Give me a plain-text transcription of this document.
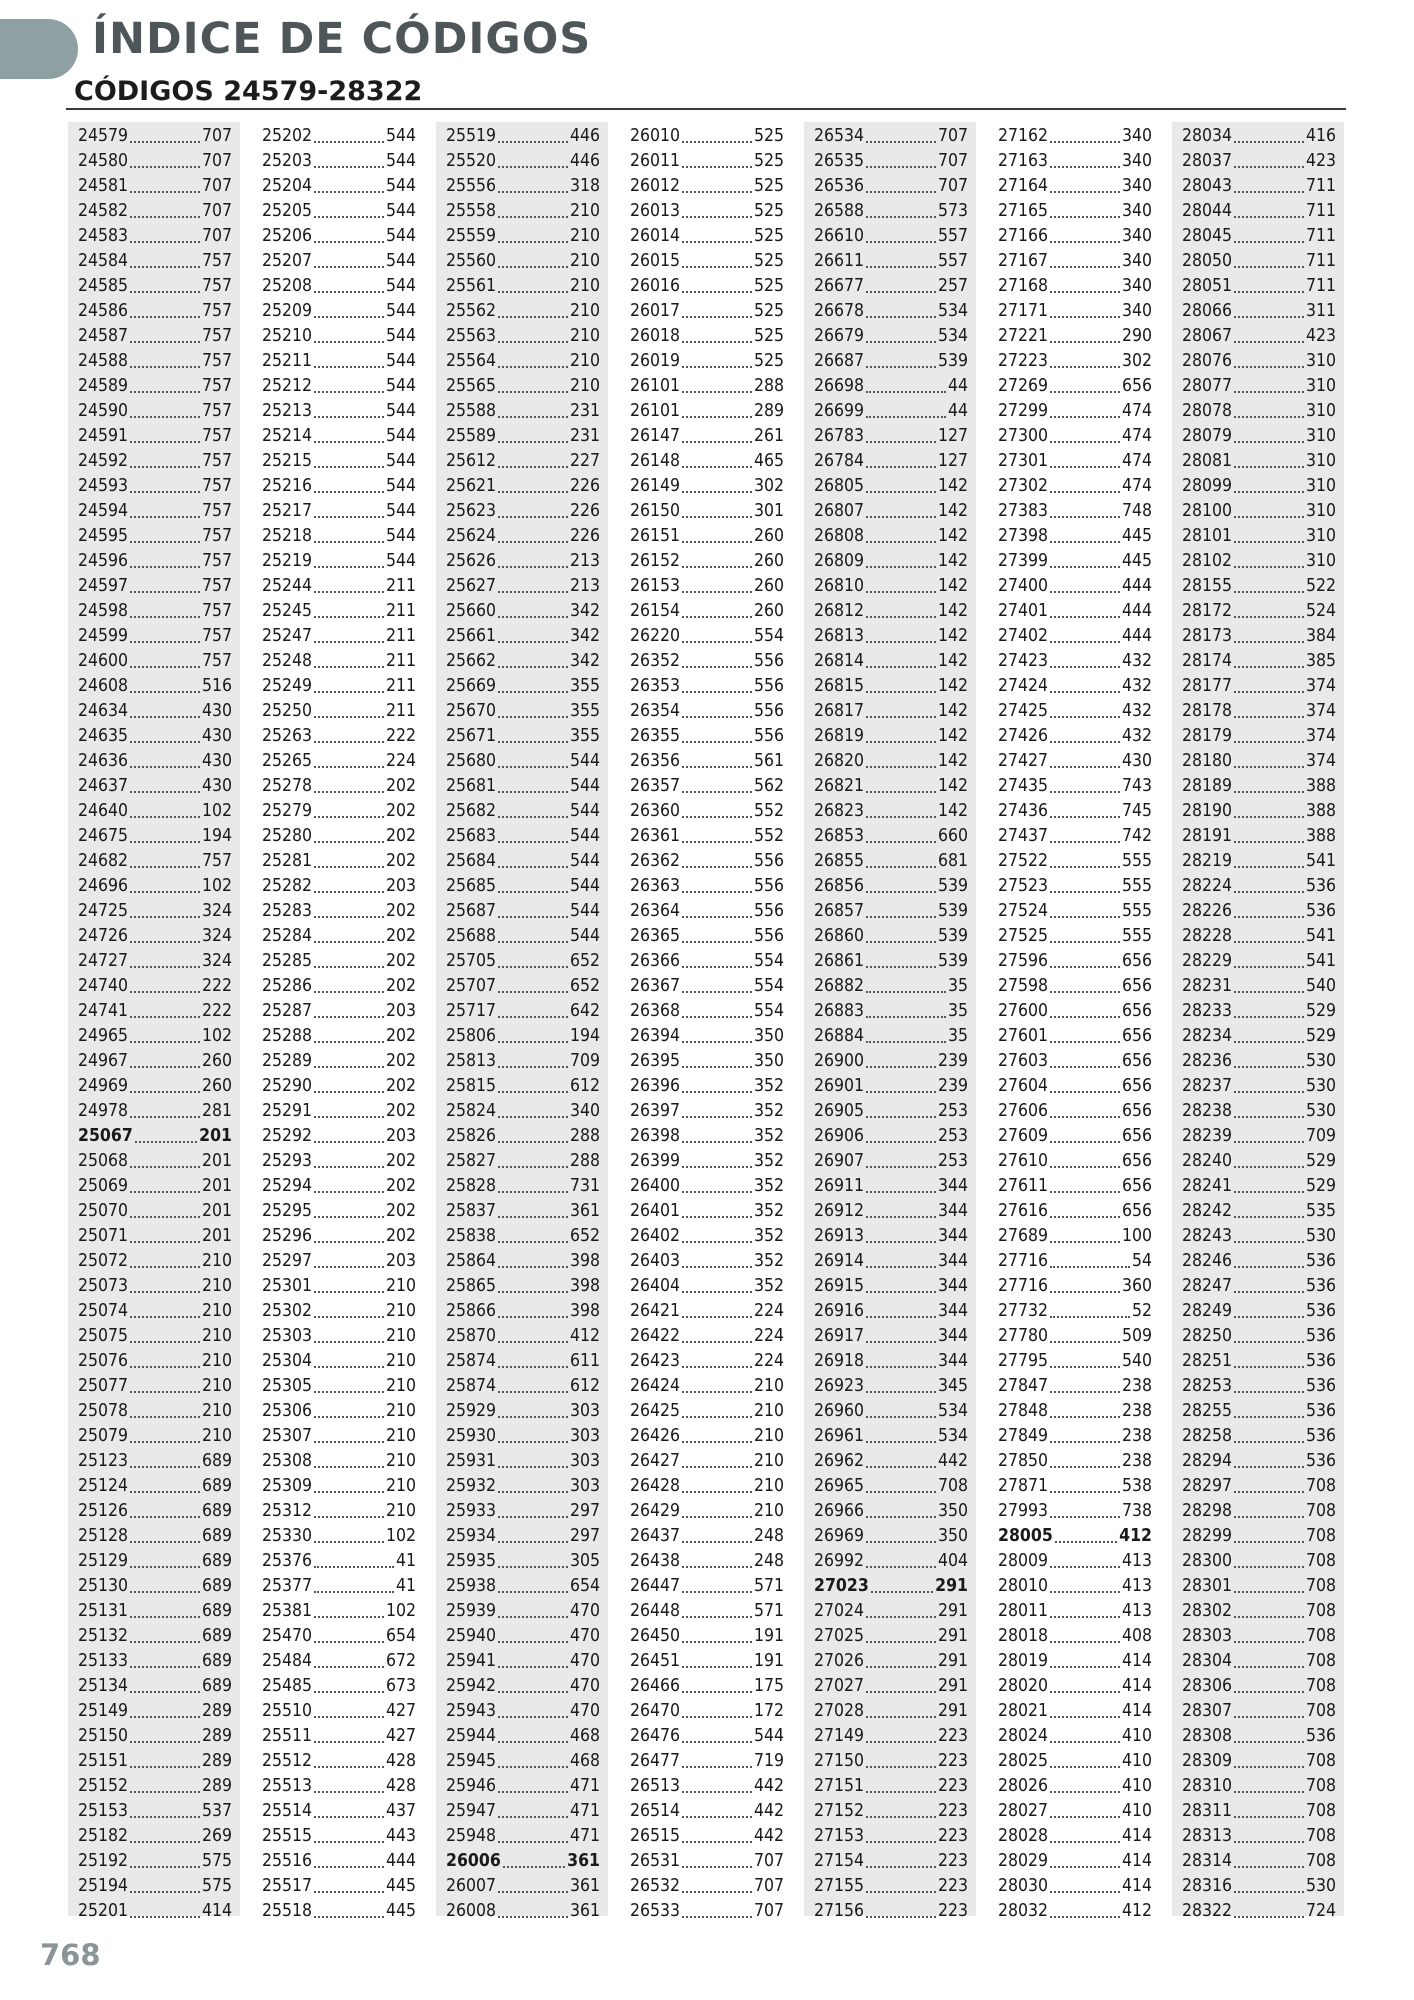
ÍNDICE DE CÓDIGOS
CÓDIGOS 24579-28322
24579	707
24580	707
24581	707
24582	707
24583	707
24584	757
24585	757
24586	757
24587	757
24588	757
24589	757
24590	757
24591	757
24592	757
24593	757
24594	757
24595	757
24596	757
24597	757
24598	757
24599	757
24600	757
24608	516
24634	430
24635	430
24636	430
24637	430
24640	102
24675	194
24682	757
24696	102
24725	324
24726	324
24727	324
24740	222
24741	222
24965	102
24967	260
24969	260
24978	281
25067	201
25068	201
25069	201
25070	201
25071	201
25072	210
25073	210
25074	210
25075	210
25076	210
25077	210
25078	210
25079	210
25123	689
25124	689
25126	689
25128	689
25129	689
25130	689
25131	689
25132	689
25133	689
25134	689
25149	289
25150	289
25151	289
25152	289
25153	537
25182	269
25192	575
25194	575
25201	414
25202	544
25203	544
25204	544
25205	544
25206	544
25207	544
25208	544
25209	544
25210	544
25211	544
25212	544
25213	544
25214	544
25215	544
25216	544
25217	544
25218	544
25219	544
25244	211
25245	211
25247	211
25248	211
25249	211
25250	211
25263	222
25265	224
25278	202
25279	202
25280	202
25281	202
25282	203
25283	202
25284	202
25285	202
25286	202
25287	203
25288	202
25289	202
25290	202
25291	202
25292	203
25293	202
25294	202
25295	202
25296	202
25297	203
25301	210
25302	210
25303	210
25304	210
25305	210
25306	210
25307	210
25308	210
25309	210
25312	210
25330	102
25376	41
25377	41
25381	102
25470	654
25484	672
25485	673
25510	427
25511	427
25512	428
25513	428
25514	437
25515	443
25516	444
25517	445
25518	445
25519	446
25520	446
25556	318
25558	210
25559	210
25560	210
25561	210
25562	210
25563	210
25564	210
25565	210
25588	231
25589	231
25612	227
25621	226
25623	226
25624	226
25626	213
25627	213
25660	342
25661	342
25662	342
25669	355
25670	355
25671	355
25680	544
25681	544
25682	544
25683	544
25684	544
25685	544
25687	544
25688	544
25705	652
25707	652
25717	642
25806	194
25813	709
25815	612
25824	340
25826	288
25827	288
25828	731
25837	361
25838	652
25864	398
25865	398
25866	398
25870	412
25874	611
25874	612
25929	303
25930	303
25931	303
25932	303
25933	297
25934	297
25935	305
25938	654
25939	470
25940	470
25941	470
25942	470
25943	470
25944	468
25945	468
25946	471
25947	471
25948	471
26006	361
26007	361
26008	361
26010	525
26011	525
26012	525
26013	525
26014	525
26015	525
26016	525
26017	525
26018	525
26019	525
26101	288
26101	289
26147	261
26148	465
26149	302
26150	301
26151	260
26152	260
26153	260
26154	260
26220	554
26352	556
26353	556
26354	556
26355	556
26356	561
26357	562
26360	552
26361	552
26362	556
26363	556
26364	556
26365	556
26366	554
26367	554
26368	554
26394	350
26395	350
26396	352
26397	352
26398	352
26399	352
26400	352
26401	352
26402	352
26403	352
26404	352
26421	224
26422	224
26423	224
26424	210
26425	210
26426	210
26427	210
26428	210
26429	210
26437	248
26438	248
26447	571
26448	571
26450	191
26451	191
26466	175
26470	172
26476	544
26477	719
26513	442
26514	442
26515	442
26531	707
26532	707
26533	707
26534	707
26535	707
26536	707
26588	573
26610	557
26611	557
26677	257
26678	534
26679	534
26687	539
26698	44
26699	44
26783	127
26784	127
26805	142
26807	142
26808	142
26809	142
26810	142
26812	142
26813	142
26814	142
26815	142
26817	142
26819	142
26820	142
26821	142
26823	142
26853	660
26855	681
26856	539
26857	539
26860	539
26861	539
26882	35
26883	35
26884	35
26900	239
26901	239
26905	253
26906	253
26907	253
26911	344
26912	344
26913	344
26914	344
26915	344
26916	344
26917	344
26918	344
26923	345
26960	534
26961	534
26962	442
26965	708
26966	350
26969	350
26992	404
27023	291
27024	291
27025	291
27026	291
27027	291
27028	291
27149	223
27150	223
27151	223
27152	223
27153	223
27154	223
27155	223
27156	223
27162	340
27163	340
27164	340
27165	340
27166	340
27167	340
27168	340
27171	340
27221	290
27223	302
27269	656
27299	474
27300	474
27301	474
27302	474
27383	748
27398	445
27399	445
27400	444
27401	444
27402	444
27423	432
27424	432
27425	432
27426	432
27427	430
27435	743
27436	745
27437	742
27522	555
27523	555
27524	555
27525	555
27596	656
27598	656
27600	656
27601	656
27603	656
27604	656
27606	656
27609	656
27610	656
27611	656
27616	656
27689	100
27716	54
27716	360
27732	52
27780	509
27795	540
27847	238
27848	238
27849	238
27850	238
27871	538
27993	738
28005	412
28009	413
28010	413
28011	413
28018	408
28019	414
28020	414
28021	414
28024	410
28025	410
28026	410
28027	410
28028	414
28029	414
28030	414
28032	412
28034	416
28037	423
28043	711
28044	711
28045	711
28050	711
28051	711
28066	311
28067	423
28076	310
28077	310
28078	310
28079	310
28081	310
28099	310
28100	310
28101	310
28102	310
28155	522
28172	524
28173	384
28174	385
28177	374
28178	374
28179	374
28180	374
28189	388
28190	388
28191	388
28219	541
28224	536
28226	536
28228	541
28229	541
28231	540
28233	529
28234	529
28236	530
28237	530
28238	530
28239	709
28240	529
28241	529
28242	535
28243	530
28246	536
28247	536
28249	536
28250	536
28251	536
28253	536
28255	536
28258	536
28294	536
28297	708
28298	708
28299	708
28300	708
28301	708
28302	708
28303	708
28304	708
28306	708
28307	708
28308	536
28309	708
28310	708
28311	708
28313	708
28314	708
28316	530
28322	724

768
